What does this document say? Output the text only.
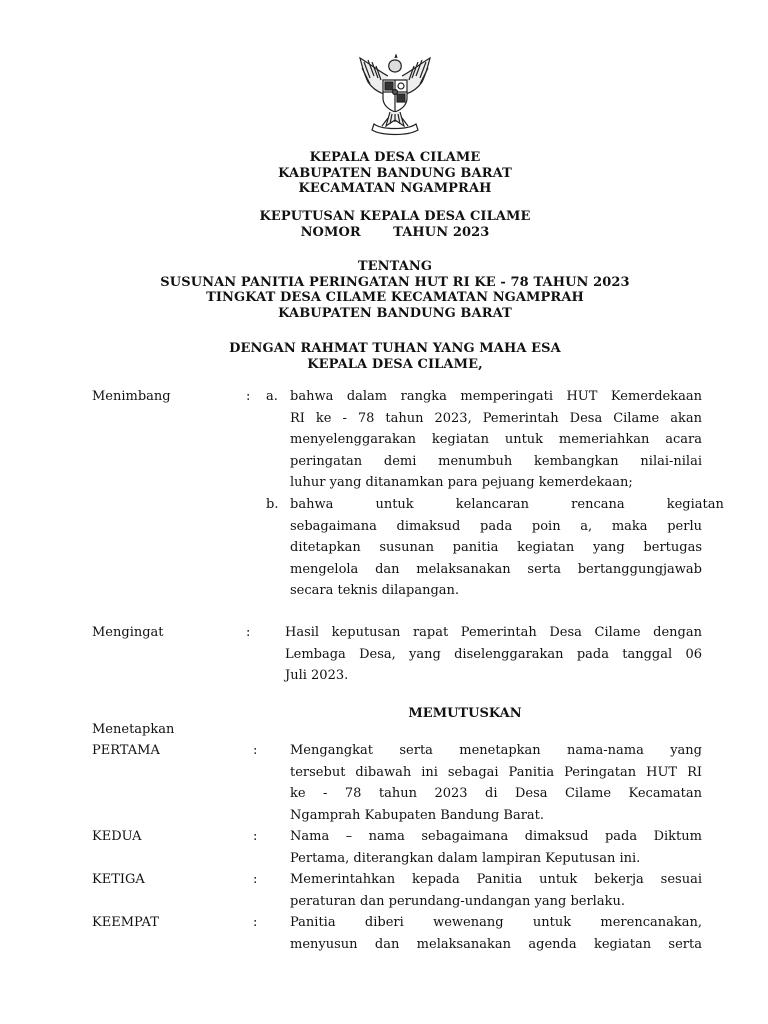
KEPALA DESA CILAME
KABUPATEN BANDUNG BARAT
KECAMATAN NGAMPRAH
KEPUTUSAN KEPALA DESA CILAME
NOMOR       TAHUN 2023
TENTANG
SUSUNAN PANITIA PERINGATAN HUT RI KE - 78 TAHUN 2023
TINGKAT DESA CILAME KECAMATAN NGAMPRAH
KABUPATEN BANDUNG BARAT
DENGAN RAHMAT TUHAN YANG MAHA ESA
KEPALA DESA CILAME,
Menimbang	: a. bahwa dalam rangka memperingati HUT Kemerdekaan
RI ke - 78 tahun 2023, Pemerintah Desa Cilame akan
menyelenggarakan kegiatan untuk memeriahkan acara
peringatan demi menumbuh kembangkan nilai-nilai
luhur yang ditanamkan para pejuang kemerdekaan;
b. bahwa untuk kelancaran rencana kegiatan
sebagaimana dimaksud pada poin a, maka perlu
ditetapkan susunan panitia kegiatan yang bertugas
mengelola dan melaksanakan serta bertanggungjawab
secara teknis dilapangan.
Mengingat	:	Hasil keputusan rapat Pemerintah Desa Cilame dengan
Lembaga Desa, yang diselenggarakan pada tanggal 06
Juli 2023.
MEMUTUSKAN
Menetapkan
PERTAMA	:	Mengangkat serta menetapkan nama-nama yang
tersebut dibawah ini sebagai Panitia Peringatan HUT RI
ke - 78 tahun 2023 di Desa Cilame Kecamatan
Ngamprah Kabupaten Bandung Barat.
KEDUA	:	Nama – nama sebagaimana dimaksud pada Diktum
Pertama, diterangkan dalam lampiran Keputusan ini.
KETIGA	:	Memerintahkan kepada Panitia untuk bekerja sesuai
peraturan dan perundang-undangan yang berlaku.
KEEMPAT	:	Panitia diberi wewenang untuk merencanakan,
menyusun dan melaksanakan agenda kegiatan serta
